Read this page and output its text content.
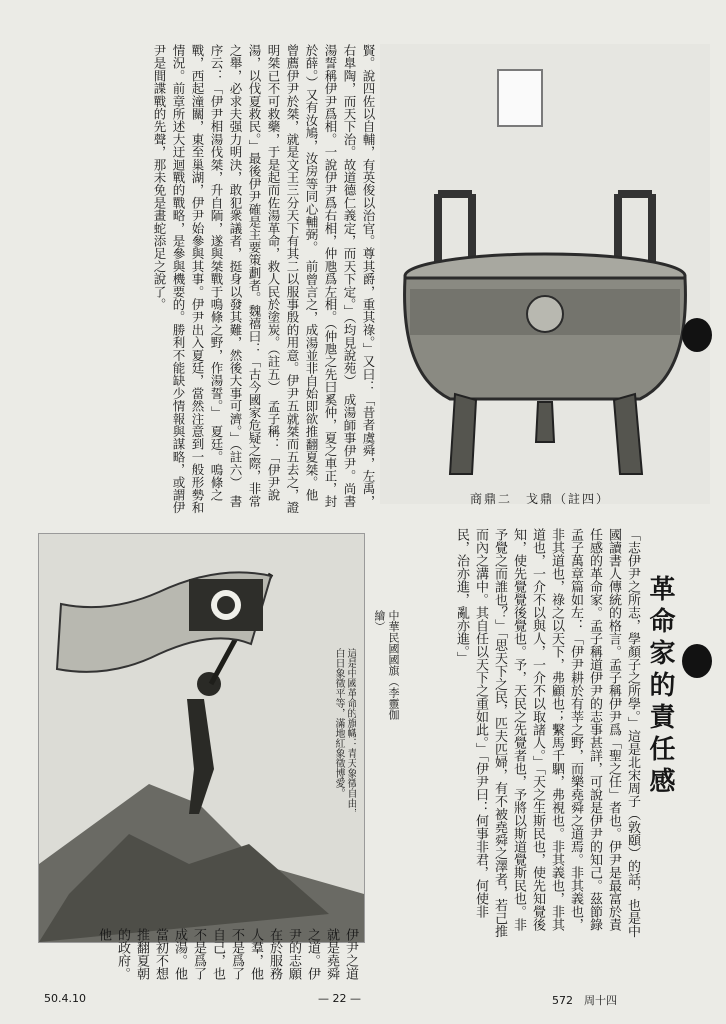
賢。說四佐以自輔，有英俊以治官。尊其爵，重其祿。」又曰：「昔者虞舜，左禹，右臯陶，而天下治。故道德仁義定，而天下定。」（均見說苑）　成湯師事伊尹。尚書湯誓稱伊尹爲相。一說伊尹爲右相，仲虺爲左相。（仲虺之先曰奚仲，夏之車正，封於薛。）又有汝鳩，汝房等同心輔弼。　前曾言之，成湯並非自始即欲推翻夏桀。他曾薦伊尹於桀，就是文王三分天下有其二以服事殷的用意。伊尹五就桀而五去之，證明桀已不可救藥，于是起而佐湯革命，救人民於塗炭。（註五）　孟子稱：「伊尹說湯，以伐夏救民。」最後伊尹確是主要策劃者。魏禧曰：「古今國家危疑之際，非常之舉，必求夫强力明決，敢犯衆議者，挺身以發其難，然後大事可濟。」（註六）　書序云：「伊尹相湯伐桀，升自陑，遂與桀戰于鳴條之野，作湯誓。」　夏廷。鳴條之戰，西起潼關，東至巢湖，伊尹始參與其事。伊尹出入夏廷，當然注意到一般形勢和情況。前章所述大迂迴戰的戰略，是參與機要的。勝利不能缺少情報與謀略，或謂伊尹是間諜戰的先聲，那未免是畫蛇添足之說了。

商鼎二　戈鼎（註四）

這是中國革命的旗幟：青天象徵自由，白日象徵平等，滿地紅象徵博愛。	中華民國國旗（李靈伽繪）	革命家的責任感

「志伊尹之所志，學顏子之所學。」這是北宋周子（敦頤）的話，也是中國讀書人傳統的格言。孟子稱伊尹爲「聖之任」者也。伊尹是最富於責任感的革命家。孟子稱道伊尹的志事甚詳，可說是伊尹的知己。茲節錄孟子萬章篇如左：「伊尹耕於有莘之野，而樂堯舜之道焉。非其義也，非其道也，祿之以天下，弗顧也；繫馬千駟，弗視也。非其義也，非其道也，一介不以與人，一介不以取諸人。」「天之生斯民也，使先知覺後知，使先覺覺後覺也。予，天民之先覺者也，予將以斯道覺斯民也。非予覺之而誰也？」「思天下之民，匹夫匹婦，有不被堯舜之澤者，若己推而內之溝中。其自任以天下之重如此。」「伊尹曰：何事非君，何使非民，治亦進，亂亦進。」

伊尹之道就是堯舜之道。伊尹的志願在於服務人羣，他不是爲了自己，也不是爲了成湯。他當初不想推翻夏朝的政府。他

50.4.10	— 22 —	572　周十四
